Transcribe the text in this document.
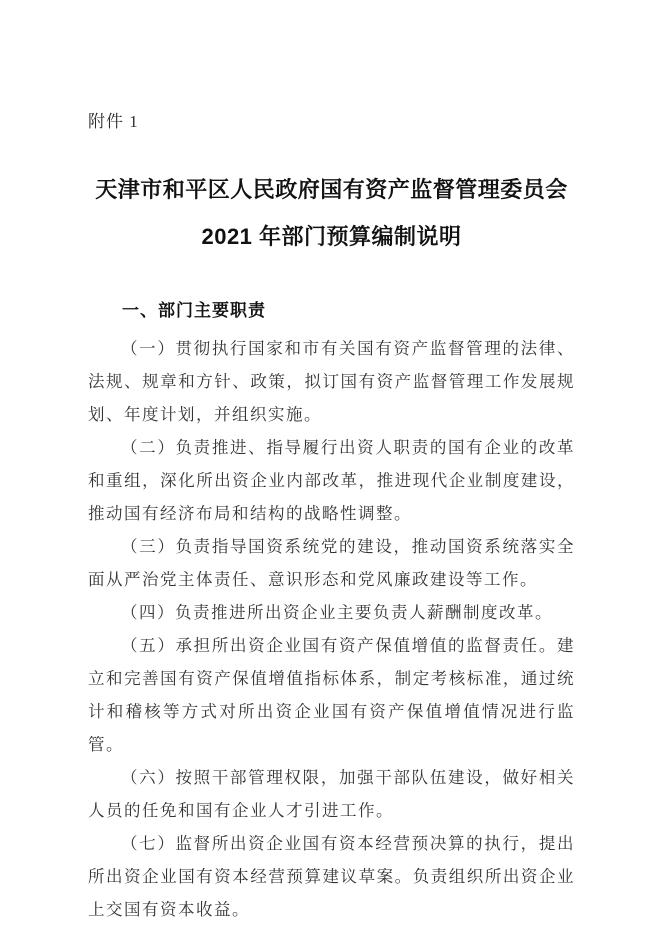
附件 1
天津市和平区人民政府国有资产监督管理委员会
2021 年部门预算编制说明
一、部门主要职责

（一）贯彻执行国家和市有关国有资产监督管理的法律、法规、规章和方针、政策，拟订国有资产监督管理工作发展规划、年度计划，并组织实施。

（二）负责推进、指导履行出资人职责的国有企业的改革和重组，深化所出资企业内部改革，推进现代企业制度建设，推动国有经济布局和结构的战略性调整。

（三）负责指导国资系统党的建设，推动国资系统落实全面从严治党主体责任、意识形态和党风廉政建设等工作。

（四）负责推进所出资企业主要负责人薪酬制度改革。

（五）承担所出资企业国有资产保值增值的监督责任。建立和完善国有资产保值增值指标体系，制定考核标准，通过统计和稽核等方式对所出资企业国有资产保值增值情况进行监管。

（六）按照干部管理权限，加强干部队伍建设，做好相关人员的任免和国有企业人才引进工作。

（七）监督所出资企业国有资本经营预决算的执行，提出所出资企业国有资本经营预算建议草案。负责组织所出资企业上交国有资本收益。
